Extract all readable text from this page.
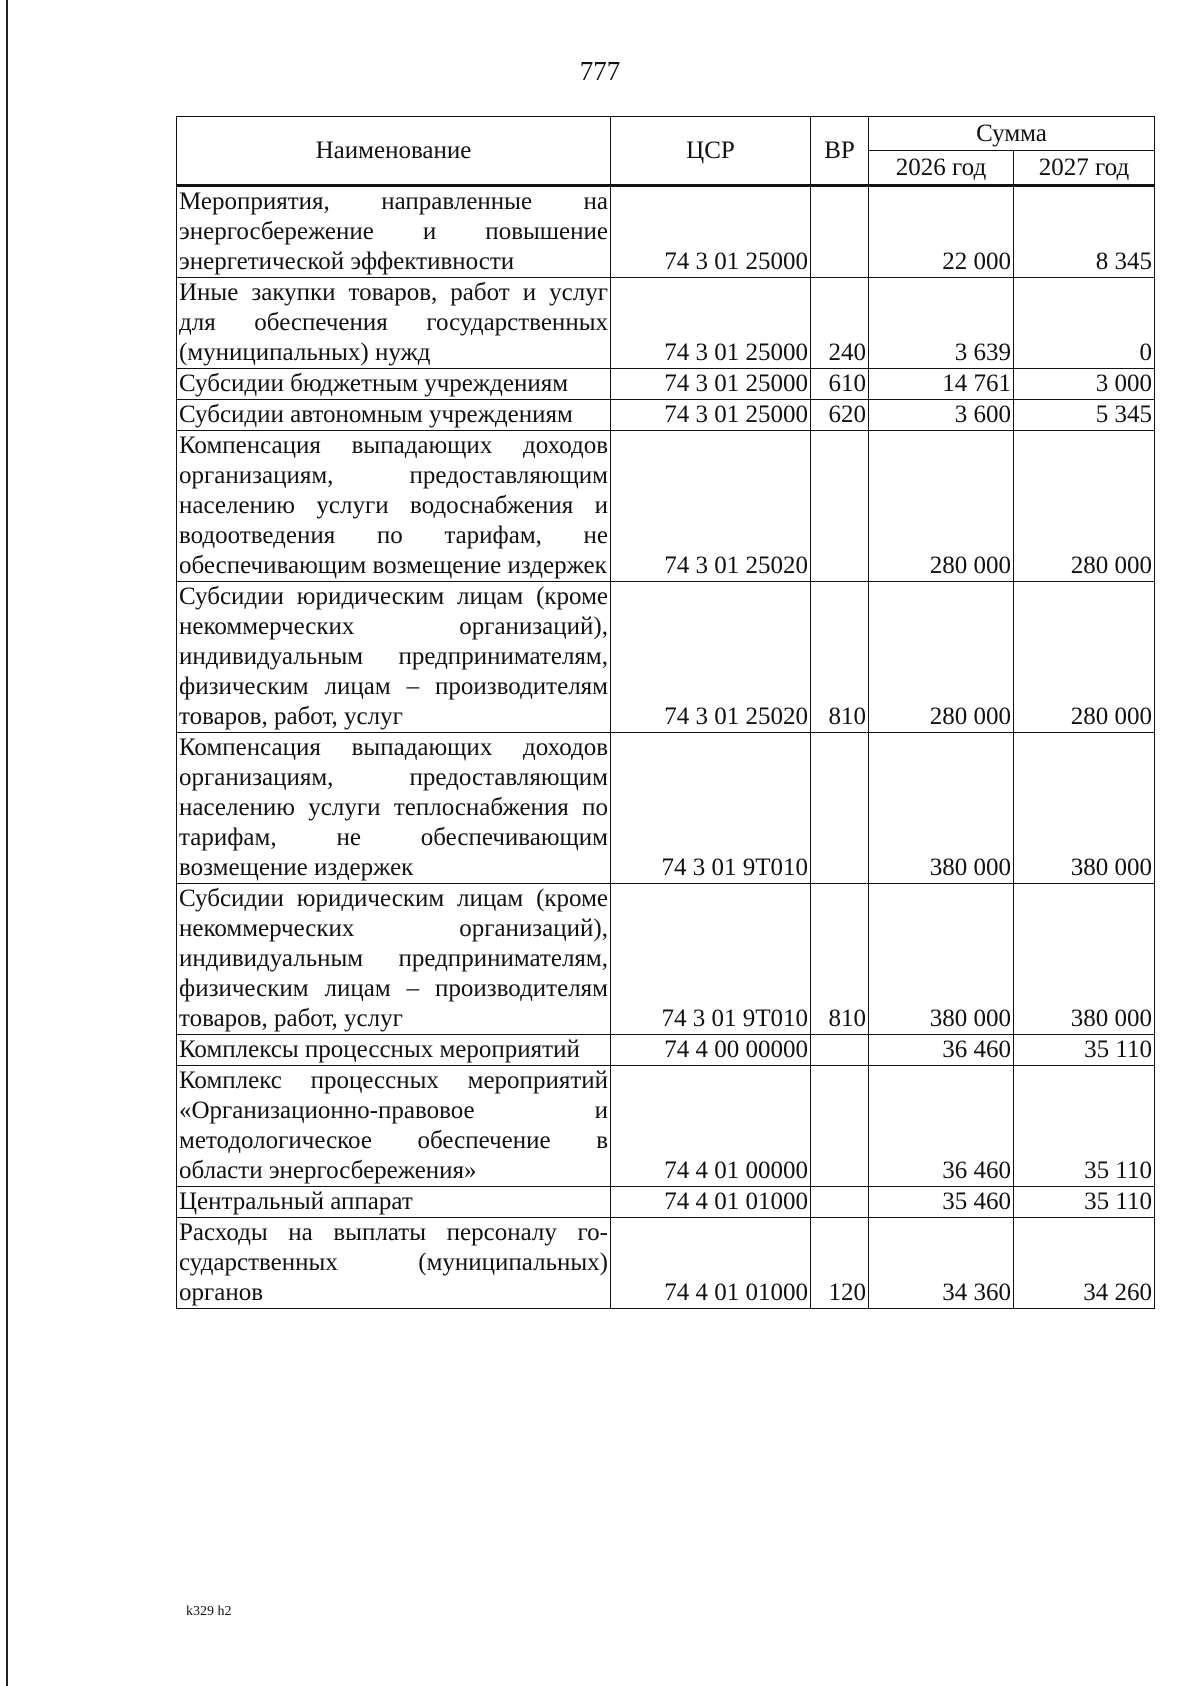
777
Наименование	ЦСР	ВР	Сумма	
			2026 год	2027 год
Мероприятия, направленные на энергосбережение и повышение энергетической эффективности	74 3 01 25000		22 000	8 345
Иные закупки товаров, работ и услуг для обеспечения государственных (муниципальных) нужд	74 3 01 25000	240	3 639	0
Субсидии бюджетным учреждениям	74 3 01 25000	610	14 761	3 000
Субсидии автономным учреждениям	74 3 01 25000	620	3 600	5 345
Компенсация выпадающих доходов организациям, предоставляющим населению услуги водоснабжения и водоотведения по тарифам, не обеспечивающим возмещение издержек	74 3 01 25020		280 000	280 000
Субсидии юридическим лицам (кроме некоммерческих организаций), индивидуальным предпринимателям, физическим лицам – производителям товаров, работ, услуг	74 3 01 25020	810	280 000	280 000
Компенсация выпадающих доходов организациям, предоставляющим населению услуги теплоснабжения по тарифам, не обеспечивающим возмещение издержек	74 3 01 9Т010		380 000	380 000
Субсидии юридическим лицам (кроме некоммерческих организаций), индивидуальным предпринимателям, физическим лицам – производителям товаров, работ, услуг	74 3 01 9Т010	810	380 000	380 000
Комплексы процессных мероприятий	74 4 00 00000		36 460	35 110
Комплекс процессных мероприятий «Организационно-правовое и методологическое обеспечение в области энергосбережения»	74 4 01 00000		36 460	35 110
Центральный аппарат	74 4 01 01000		35 460	35 110
Расходы на выплаты персоналу государственных (муниципальных) органов	74 4 01 01000	120	34 360	34 260
k329 h2
